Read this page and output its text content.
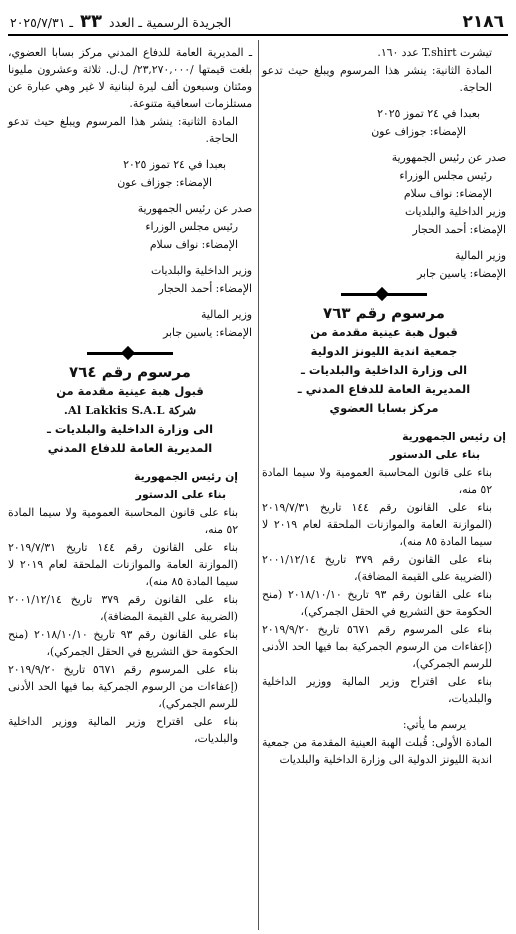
٢١٨٦
الجريدة الرسمية ـ العدد ٣٣ ـ ٢٠٢٥/٧/٣١

تيشرت T.shirt عدد ١٦٠.

المادة الثانية: ينشر هذا المرسوم ويبلغ حيث تدعو الحاجة.

بعبدا في ٢٤ تموز ٢٠٢٥

الإمضاء: جوزاف عون

صدر عن رئيس الجمهورية

رئيس مجلس الوزراء

الإمضاء: نواف سلام

وزير الداخلية والبلديات

الإمضاء: أحمد الحجار

وزير المالية

الإمضاء: ياسين جابر

مرسوم رقم ٧٦٣
قبول هبة عينية مقدمة من
جمعية اندية الليونز الدولية
الى وزارة الداخلية والبلديات ـ
المديرية العامة للدفاع المدني ـ
مركز بسابا العضوي

إن رئيس الجمهورية

بناء على الدستور

بناء على قانون المحاسبة العمومية ولا سيما المادة ٥٢ منه،

بناء على القانون رقم ١٤٤ تاريخ ٢٠١٩/٧/٣١ (الموازنة العامة والموازنات الملحقة لعام ٢٠١٩ لا سيما المادة ٨٥ منه)،

بناء على القانون رقم ٣٧٩ تاريخ ٢٠٠١/١٢/١٤ (الضريبة على القيمة المضافة)،

بناء على القانون رقم ٩٣ تاريخ ٢٠١٨/١٠/١٠ (منح الحكومة حق التشريع في الحقل الجمركي)،

بناء على المرسوم رقم ٥٦٧١ تاريخ ٢٠١٩/٩/٢٠ (إعفاءات من الرسوم الجمركية بما فيها الحد الأدنى للرسم الجمركي)،

بناء على اقتراح وزير المالية ووزير الداخلية والبلديات،

يرسم ما يأتي:

المادة الأولى: قُبلت الهبة العينية المقدمة من جمعية اندية الليونز الدولية الى وزارة الداخلية والبلديات

ـ المديرية العامة للدفاع المدني مركز بسابا العضوي، بلغت قيمتها /٢٣,٢٧٠,٠٠٠/ ل.ل. ثلاثة وعشرون مليونا ومئتان وسبعون ألف ليرة لبنانية لا غير وهي عبارة عن مستلزمات اسعافية متنوعة.

المادة الثانية: ينشر هذا المرسوم ويبلغ حيث تدعو الحاجة.

بعبدا في ٢٤ تموز ٢٠٢٥

الإمضاء: جوزاف عون

صدر عن رئيس الجمهورية

رئيس مجلس الوزراء

الإمضاء: نواف سلام

وزير الداخلية والبلديات

الإمضاء: أحمد الحجار

وزير المالية

الإمضاء: ياسين جابر

مرسوم رقم ٧٦٤
قبول هبة عينية مقدمة من
شركة Al Lakkis S.A.L.
الى وزارة الداخلية والبلديات ـ
المديرية العامة للدفاع المدني

إن رئيس الجمهورية

بناء على الدستور

بناء على قانون المحاسبة العمومية ولا سيما المادة ٥٢ منه،

بناء على القانون رقم ١٤٤ تاريخ ٢٠١٩/٧/٣١ (الموازنة العامة والموازنات الملحقة لعام ٢٠١٩ لا سيما المادة ٨٥ منه)،

بناء على القانون رقم ٣٧٩ تاريخ ٢٠٠١/١٢/١٤ (الضريبة على القيمة المضافة)،

بناء على القانون رقم ٩٣ تاريخ ٢٠١٨/١٠/١٠ (منح الحكومة حق التشريع في الحقل الجمركي)،

بناء على المرسوم رقم ٥٦٧١ تاريخ ٢٠١٩/٩/٢٠ (إعفاءات من الرسوم الجمركية بما فيها الحد الأدنى للرسم الجمركي)،

بناء على اقتراح وزير المالية ووزير الداخلية والبلديات،
